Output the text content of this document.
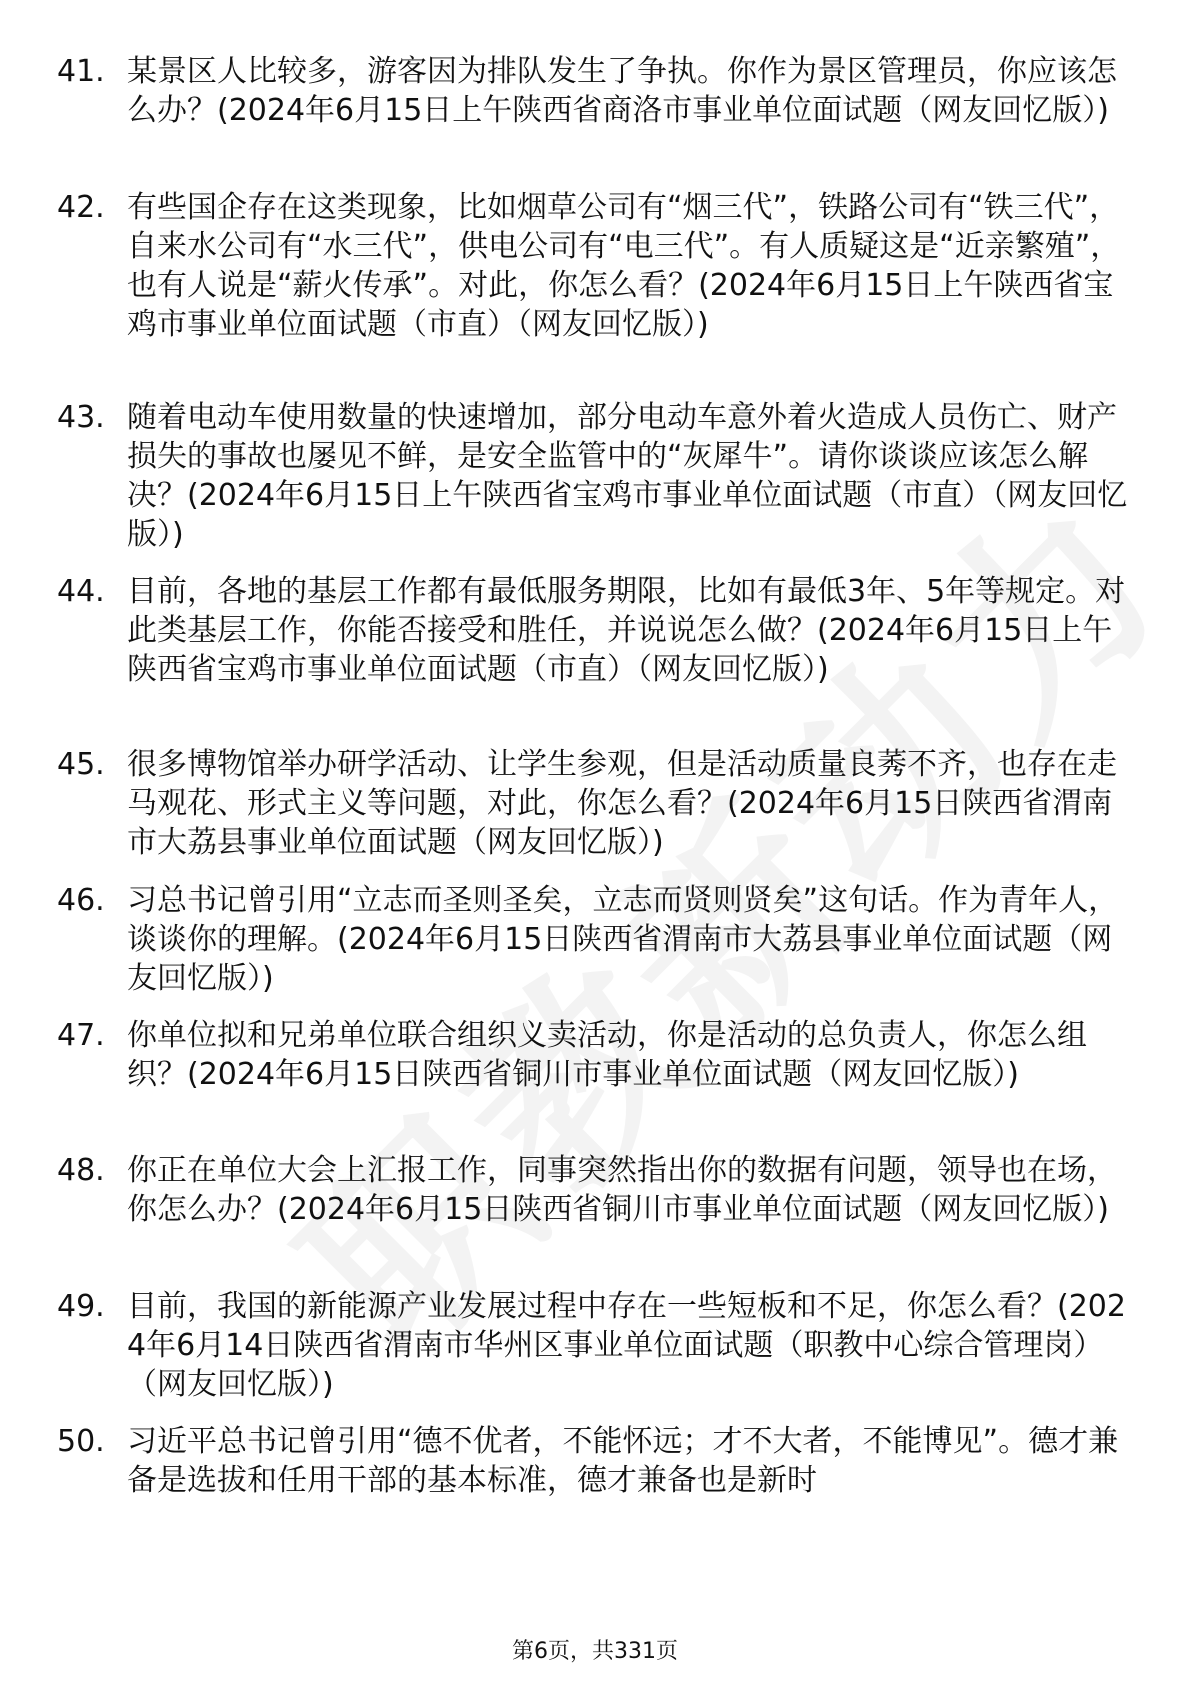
41. 某景区人比较多，游客因为排队发生了争执。你作为景区管理员，你应该怎么办？(2024年6月15日上午陕西省商洛市事业单位面试题（网友回忆版）)
42. 有些国企存在这类现象，比如烟草公司有“烟三代”，铁路公司有“铁三代”，自来水公司有“水三代”，供电公司有“电三代”。有人质疑这是“近亲繁殖”，也有人说是“薪火传承”。对此，你怎么看？(2024年6月15日上午陕西省宝鸡市事业单位面试题（市直）（网友回忆版）)
43. 随着电动车使用数量的快速增加，部分电动车意外着火造成人员伤亡、财产损失的事故也屡见不鲜，是安全监管中的“灰犀牛”。请你谈谈应该怎么解决？(2024年6月15日上午陕西省宝鸡市事业单位面试题（市直）（网友回忆版）)
44. 目前，各地的基层工作都有最低服务期限，比如有最低3年、5年等规定。对此类基层工作，你能否接受和胜任，并说说怎么做？(2024年6月15日上午陕西省宝鸡市事业单位面试题（市直）（网友回忆版）)
45. 很多博物馆举办研学活动、让学生参观，但是活动质量良莠不齐，也存在走马观花、形式主义等问题，对此，你怎么看？(2024年6月15日陕西省渭南市大荔县事业单位面试题（网友回忆版）)
46. 习总书记曾引用“立志而圣则圣矣，立志而贤则贤矣”这句话。作为青年人，谈谈你的理解。(2024年6月15日陕西省渭南市大荔县事业单位面试题（网友回忆版）)
47. 你单位拟和兄弟单位联合组织义卖活动，你是活动的总负责人，你怎么组织？(2024年6月15日陕西省铜川市事业单位面试题（网友回忆版）)
48. 你正在单位大会上汇报工作，同事突然指出你的数据有问题，领导也在场，你怎么办？(2024年6月15日陕西省铜川市事业单位面试题（网友回忆版）)
49. 目前，我国的新能源产业发展过程中存在一些短板和不足，你怎么看？(2024年6月14日陕西省渭南市华州区事业单位面试题（职教中心综合管理岗）（网友回忆版）)
50. 习近平总书记曾引用“德不优者，不能怀远；才不大者，不能博见”。德才兼备是选拔和任用干部的基本标准，德才兼备也是新时
第6页，共331页
